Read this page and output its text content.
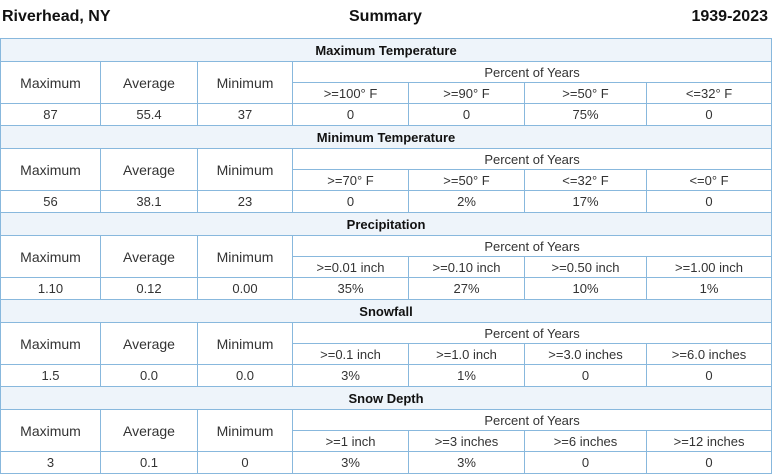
Riverhead, NY	Summary	1939-2023
Maximum Temperature						
Maximum	Average	Minimum	Percent of Years			
			>=100° F	>=90° F	>=50° F	<=32° F
87	55.4	37	0	0	75%	0
Minimum Temperature						
Maximum	Average	Minimum	Percent of Years			
			>=70° F	>=50° F	<=32° F	<=0° F
56	38.1	23	0	2%	17%	0
Precipitation						
Maximum	Average	Minimum	Percent of Years			
			>=0.01 inch	>=0.10 inch	>=0.50 inch	>=1.00 inch
1.10	0.12	0.00	35%	27%	10%	1%
Snowfall						
Maximum	Average	Minimum	Percent of Years			
			>=0.1 inch	>=1.0 inch	>=3.0 inches	>=6.0 inches
1.5	0.0	0.0	3%	1%	0	0
Snow Depth						
Maximum	Average	Minimum	Percent of Years			
			>=1 inch	>=3 inches	>=6 inches	>=12 inches
3	0.1	0	3%	3%	0	0
